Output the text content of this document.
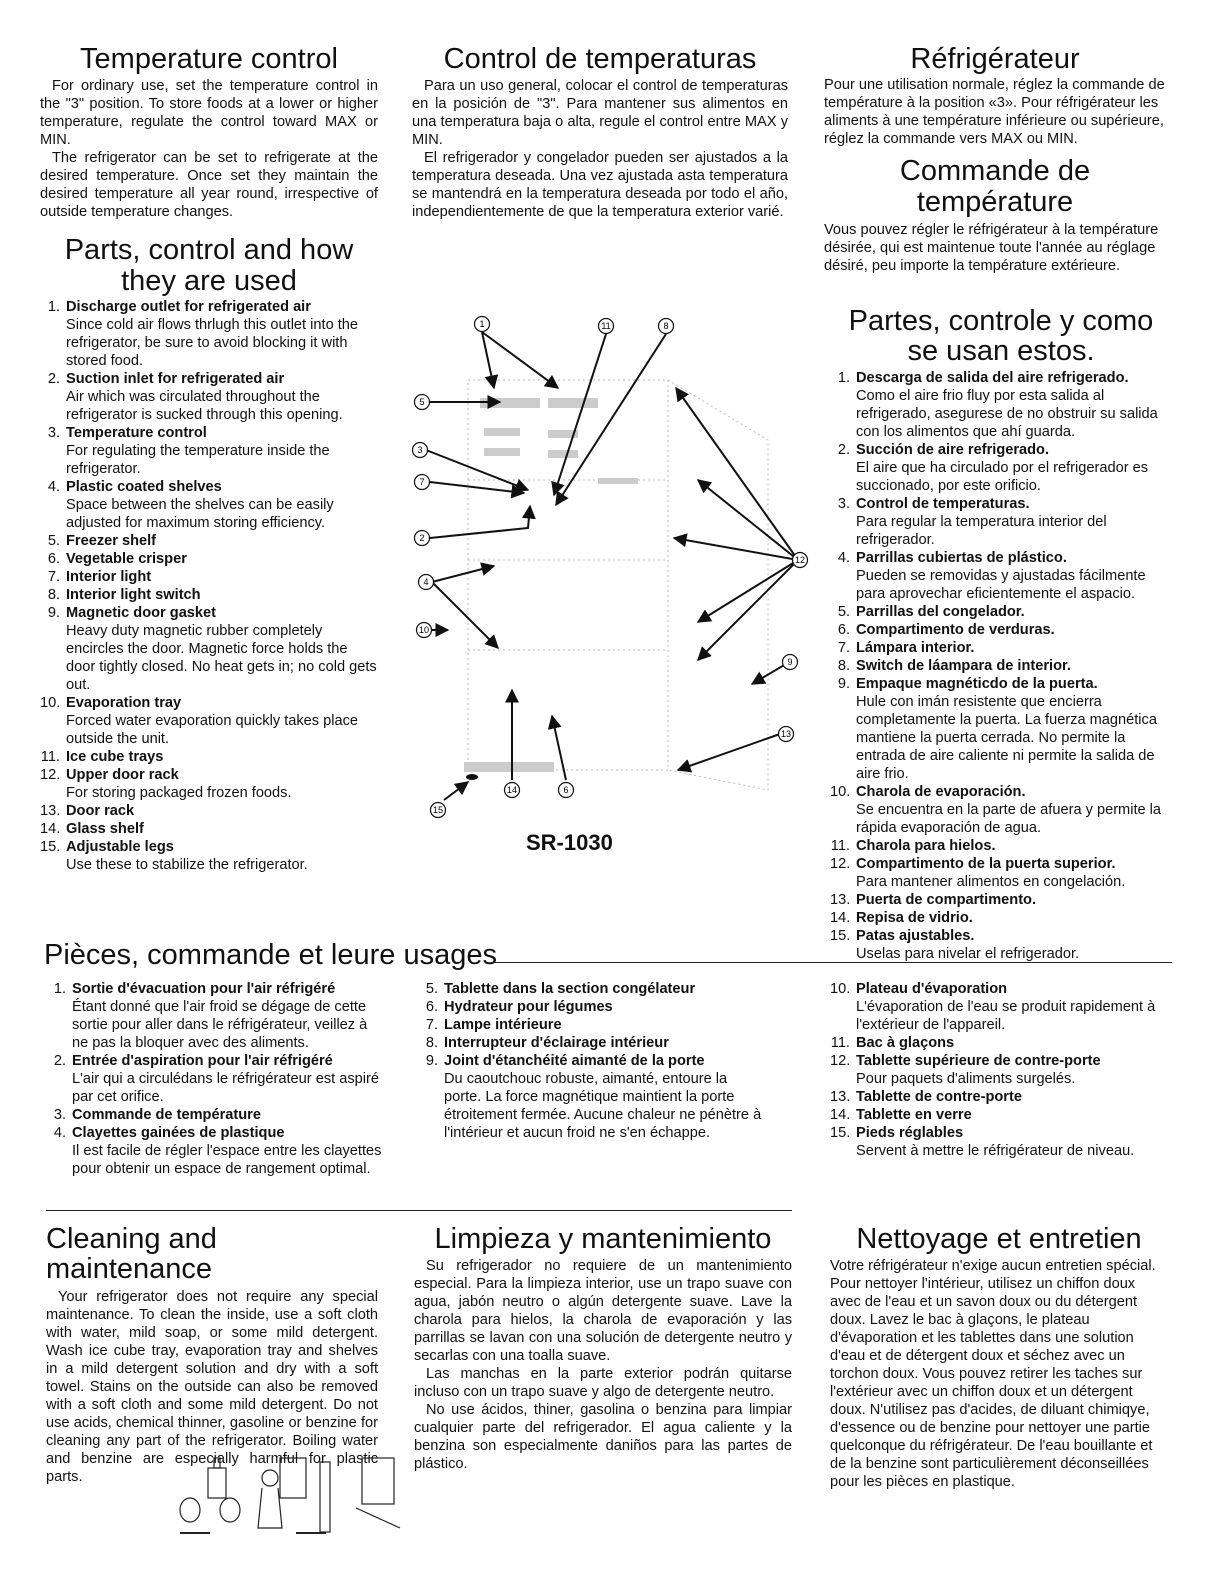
Temperature control

For ordinary use, set the temperature control in the "3" position. To store foods at a lower or higher temperature, regulate the control toward MAX or MIN.

The refrigerator can be set to refrigerate at the desired temperature. Once set they maintain the desired temperature all year round, irrespective of outside temperature changes.

Parts, control and how
they are used
1. Discharge outlet for refrigerated air
Since cold air flows thrlugh this outlet into the refrigerator, be sure to avoid blocking it with stored food.
2. Suction inlet for refrigerated air
Air which was circulated throughout the refrigerator is sucked through this opening.
3. Temperature control
For regulating the temperature inside the refrigerator.
4. Plastic coated shelves
Space between the shelves can be easily adjusted for maximum storing efficiency.
5. Freezer shelf
6. Vegetable crisper
7. Interior light
8. Interior light switch
9. Magnetic door gasket
Heavy duty magnetic rubber completely encircles the door. Magnetic force holds the door tightly closed. No heat gets in; no cold gets out.
10. Evaporation tray
Forced water evaporation quickly takes place outside the unit.
11. Ice cube trays
12. Upper door rack
For storing packaged frozen foods.
13. Door rack
14. Glass shelf
15. Adjustable legs
Use these to stabilize the refrigerator.
Control de temperaturas

Para un uso general, colocar el control de temperaturas en la posición de "3". Para mantener sus alimentos en una temperatura baja o alta, regule el control entre MAX y MIN.

El refrigerador y congelador pueden ser ajustados a la temperatura deseada. Una vez ajustada asta temperatura se mantendrá en la temperatura deseada por todo el año, independientemente de que la temperatura exterior varié.

Réfrigérateur

Pour une utilisation normale, réglez la commande de température à la position «3». Pour réfrigérateur les aliments à une température inférieure ou supérieure, réglez la commande vers MAX ou MIN.

Commande de température

Vous pouvez régler le réfrigérateur à la température désirée, qui est maintenue toute l'année au réglage désiré, peu importe la température extérieure.

Partes, controle y como
se usan estos.
1. Descarga de salida del aire refrigerado.
Como el aire frio fluy por esta salida al refrigerado, asegurese de no obstruir su salida con los alimentos que ahí guarda.
2. Succión de aire refrigerado.
El aire que ha circulado por el refrigerador es succionado, por este orificio.
3. Control de temperaturas.
Para regular la temperatura interior del refrigerador.
4. Parrillas cubiertas de plástico.
Pueden se removidas y ajustadas fácilmente para aprovechar eficientemente el aspacio.
5. Parrillas del congelador.
6. Compartimento de verduras.
7. Lámpara interior.
8. Switch de láampara de interior.
9. Empaque magnéticdo de la puerta.
Hule con imán resistente que encierra completamente la puerta. La fuerza magnética mantiene la puerta cerrada. No permite la entrada de aire caliente ni permite la salida de aire frio.
10. Charola de evaporación.
Se encuentra en la parte de afuera y permite la rápida evaporación de agua.
11. Charola para hielos.
12. Compartimento de la puerta superior.
Para mantener alimentos en congelación.
13. Puerta de compartimento.
14. Repisa de vidrio.
15. Patas ajustables.
Uselas para nivelar el refrigerador.
1	11	8
5
3
7
2
12
4
10
9
13
15
14	6
SR-1030
Pièces, commande et leure usages
1. Sortie d'évacuation pour l'air réfrigéré
Étant donné que l'air froid se dégage de cette sortie pour aller dans le réfrigérateur, veillez à ne pas la bloquer avec des aliments.
2. Entrée d'aspiration pour l'air réfrigéré
L'air qui a circulédans le réfrigérateur est aspiré par cet orifice.
3. Commande de température
4. Clayettes gainées de plastique
Il est facile de régler l'espace entre les clayettes pour obtenir un espace de rangement optimal.
5. Tablette dans la section congélateur
6. Hydrateur pour légumes
7. Lampe intérieure
8. Interrupteur d'éclairage intérieur
9. Joint d'étanchéité aimanté de la porte
Du caoutchouc robuste, aimanté, entoure la porte. La force magnétique maintient la porte étroitement fermée. Aucune chaleur ne pénètre à l'intérieur et aucun froid ne s'en échappe.
10. Plateau d'évaporation
L'évaporation de l'eau se produit rapidement à l'extérieur de l'appareil.
11. Bac à glaçons
12. Tablette supérieure de contre-porte
Pour paquets d'aliments surgelés.
13. Tablette de contre-porte
14. Tablette en verre
15. Pieds réglables
Servent à mettre le réfrigérateur de niveau.
Cleaning and maintenance

Your refrigerator does not require any special maintenance. To clean the inside, use a soft cloth with water, mild soap, or some mild detergent. Wash ice cube tray, evaporation tray and shelves in a mild detergent solution and dry with a soft towel. Stains on the outside can also be removed with a soft cloth and some mild detergent. Do not use acids, chemical thinner, gasoline or benzine for cleaning any part of the refrigerator. Boiling water and benzine are especially harmful for plastic parts.

Limpieza y mantenimiento

Su refrigerador no requiere de un mantenimiento especial. Para la limpieza interior, use un trapo suave con agua, jabón neutro o algún detergente suave. Lave la charola para hielos, la charola de evaporación y las parrillas se lavan con una solución de detergente neutro y secarlas con una toalla suave.

Las manchas en la parte exterior podrán quitarse incluso con un trapo suave y algo de detergente neutro.

No use ácidos, thiner, gasolina o benzina para limpiar cualquier parte del refrigerador. El agua caliente y la benzina son especialmente daniños para las partes de plástico.

Nettoyage et entretien

Votre réfrigérateur n'exige aucun entretien spécial. Pour nettoyer l'intérieur, utilisez un chiffon doux avec de l'eau et un savon doux ou du détergent doux. Lavez le bac à glaçons, le plateau d'évaporation et les tablettes dans une solution d'eau et de détergent doux et séchez avec un torchon doux. Vous pouvez retirer les taches sur l'extérieur avec un chiffon doux et un détergent doux. N'utilisez pas d'acides, de diluant chimiqye, d'essence ou de benzine pour nettoyer une partie quelconque du réfrigérateur. De l'eau bouillante et de la benzine sont particulièrement déconseillées pour les pièces en plastique.
